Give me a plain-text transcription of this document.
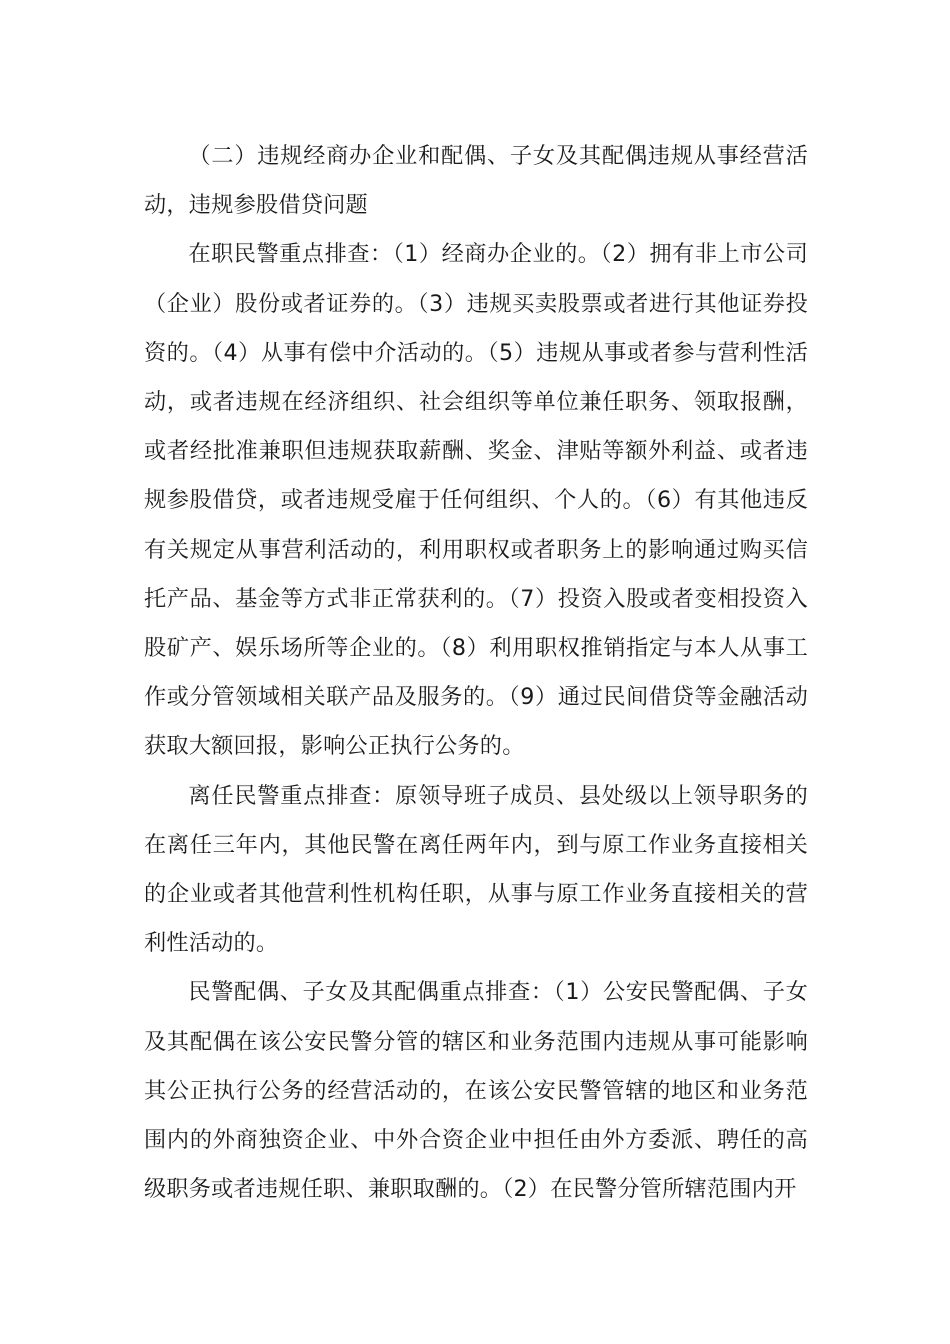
（二）违规经商办企业和配偶、子女及其配偶违规从事经营活动，违规参股借贷问题

在职民警重点排查：（1）经商办企业的。（2）拥有非上市公司（企业）股份或者证券的。（3）违规买卖股票或者进行其他证券投资的。（4）从事有偿中介活动的。（5）违规从事或者参与营利性活动，或者违规在经济组织、社会组织等单位兼任职务、领取报酬，或者经批准兼职但违规获取薪酬、奖金、津贴等额外利益、或者违规参股借贷，或者违规受雇于任何组织、个人的。（6）有其他违反有关规定从事营利活动的，利用职权或者职务上的影响通过购买信托产品、基金等方式非正常获利的。（7）投资入股或者变相投资入股矿产、娱乐场所等企业的。（8）利用职权推销指定与本人从事工作或分管领域相关联产品及服务的。（9）通过民间借贷等金融活动获取大额回报，影响公正执行公务的。

离任民警重点排查：原领导班子成员、县处级以上领导职务的在离任三年内，其他民警在离任两年内，到与原工作业务直接相关的企业或者其他营利性机构任职，从事与原工作业务直接相关的营利性活动的。

民警配偶、子女及其配偶重点排查：（1）公安民警配偶、子女及其配偶在该公安民警分管的辖区和业务范围内违规从事可能影响其公正执行公务的经营活动的，在该公安民警管辖的地区和业务范围内的外商独资企业、中外合资企业中担任由外方委派、聘任的高级职务或者违规任职、兼职取酬的。（2）在民警分管所辖范围内开
